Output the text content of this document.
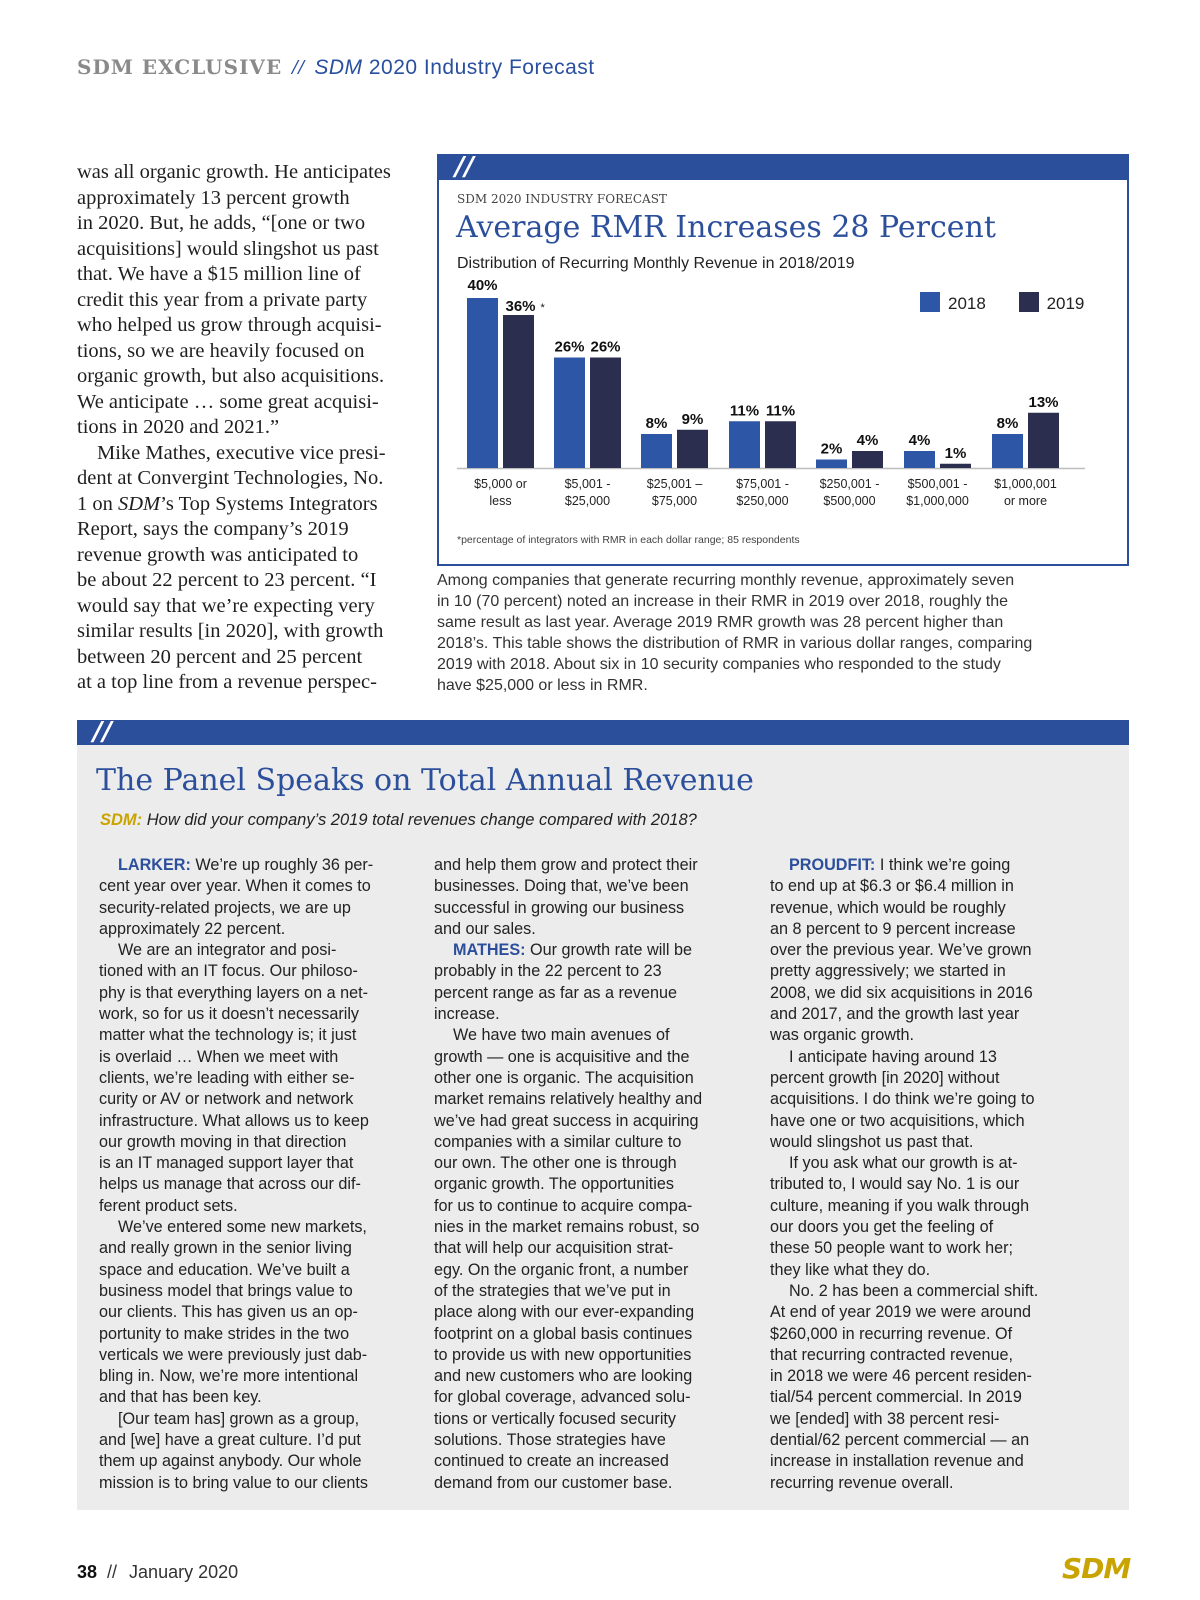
SDM EXCLUSIVE // SDM 2020 Industry Forecast
was all organic growth. He anticipates
approximately 13 percent growth
in 2020. But, he adds, “[one or two
acquisitions] would slingshot us past
that. We have a $15 million line of
credit this year from a private party
who helped us grow through acquisi-
tions, so we are heavily focused on
organic growth, but also acquisitions.
We anticipate … some great acquisi-
tions in 2020 and 2021.”
Mike Mathes, executive vice presi-
dent at Convergint Technologies, No.
1 on SDM’s Top Systems Integrators
Report, says the company’s 2019
revenue growth was anticipated to
be about 22 percent to 23 percent. “I
would say that we’re expecting very
similar results [in 2020], with growth
between 20 percent and 25 percent
at a top line from a revenue perspec-
//
SDM 2020 INDUSTRY FORECAST
Average RMR Increases 28 Percent
Distribution of Recurring Monthly Revenue in 2018/2019
2018	2019
40%
36% *
$5,000 or
less
26% 26%
$5,001 -
$25,000
8% 9%
$25,001 –
$75,000
11% 11%
$75,001 -
$250,000
2% 4%
$250,001 -
$500,000
4%
1%
$500,001 -
$1,000,000
8%
13%
$1,000,001
or more
*percentage of integrators with RMR in each dollar range; 85 respondents
Among companies that generate recurring monthly revenue, approximately seven
in 10 (70 percent) noted an increase in their RMR in 2019 over 2018, roughly the
same result as last year. Average 2019 RMR growth was 28 percent higher than
2018’s. This table shows the distribution of RMR in various dollar ranges, comparing
2019 with 2018. About six in 10 security companies who responded to the study
have $25,000 or less in RMR.
//
The Panel Speaks on Total Annual Revenue
SDM: How did your company’s 2019 total revenues change compared with 2018?
LARKER: We’re up roughly 36 per-
cent year over year. When it comes to
security-related projects, we are up
approximately 22 percent.
We are an integrator and posi-
tioned with an IT focus. Our philoso-
phy is that everything layers on a net-
work, so for us it doesn’t necessarily
matter what the technology is; it just
is overlaid … When we meet with
clients, we’re leading with either se-
curity or AV or network and network
infrastructure. What allows us to keep
our growth moving in that direction
is an IT managed support layer that
helps us manage that across our dif-
ferent product sets.
We’ve entered some new markets,
and really grown in the senior living
space and education. We’ve built a
business model that brings value to
our clients. This has given us an op-
portunity to make strides in the two
verticals we were previously just dab-
bling in. Now, we’re more intentional
and that has been key.
[Our team has] grown as a group,
and [we] have a great culture. I’d put
them up against anybody. Our whole
mission is to bring value to our clients
and help them grow and protect their
businesses. Doing that, we’ve been
successful in growing our business
and our sales.
MATHES: Our growth rate will be
probably in the 22 percent to 23
percent range as far as a revenue
increase.
We have two main avenues of
growth — one is acquisitive and the
other one is organic. The acquisition
market remains relatively healthy and
we’ve had great success in acquiring
companies with a similar culture to
our own. The other one is through
organic growth. The opportunities
for us to continue to acquire compa-
nies in the market remains robust, so
that will help our acquisition strat-
egy. On the organic front, a number
of the strategies that we’ve put in
place along with our ever-expanding
footprint on a global basis continues
to provide us with new opportunities
and new customers who are looking
for global coverage, advanced solu-
tions or vertically focused security
solutions. Those strategies have
continued to create an increased
demand from our customer base.
PROUDFIT: I think we’re going
to end up at $6.3 or $6.4 million in
revenue, which would be roughly
an 8 percent to 9 percent increase
over the previous year. We’ve grown
pretty aggressively; we started in
2008, we did six acquisitions in 2016
and 2017, and the growth last year
was organic growth.
I anticipate having around 13
percent growth [in 2020] without
acquisitions. I do think we’re going to
have one or two acquisitions, which
would slingshot us past that.
If you ask what our growth is at-
tributed to, I would say No. 1 is our
culture, meaning if you walk through
our doors you get the feeling of
these 50 people want to work her;
they like what they do.
No. 2 has been a commercial shift.
At end of year 2019 we were around
$260,000 in recurring revenue. Of
that recurring contracted revenue,
in 2018 we were 46 percent residen-
tial/54 percent commercial. In 2019
we [ended] with 38 percent resi-
dential/62 percent commercial — an
increase in installation revenue and
recurring revenue overall.
38 // January 2020	SDM
